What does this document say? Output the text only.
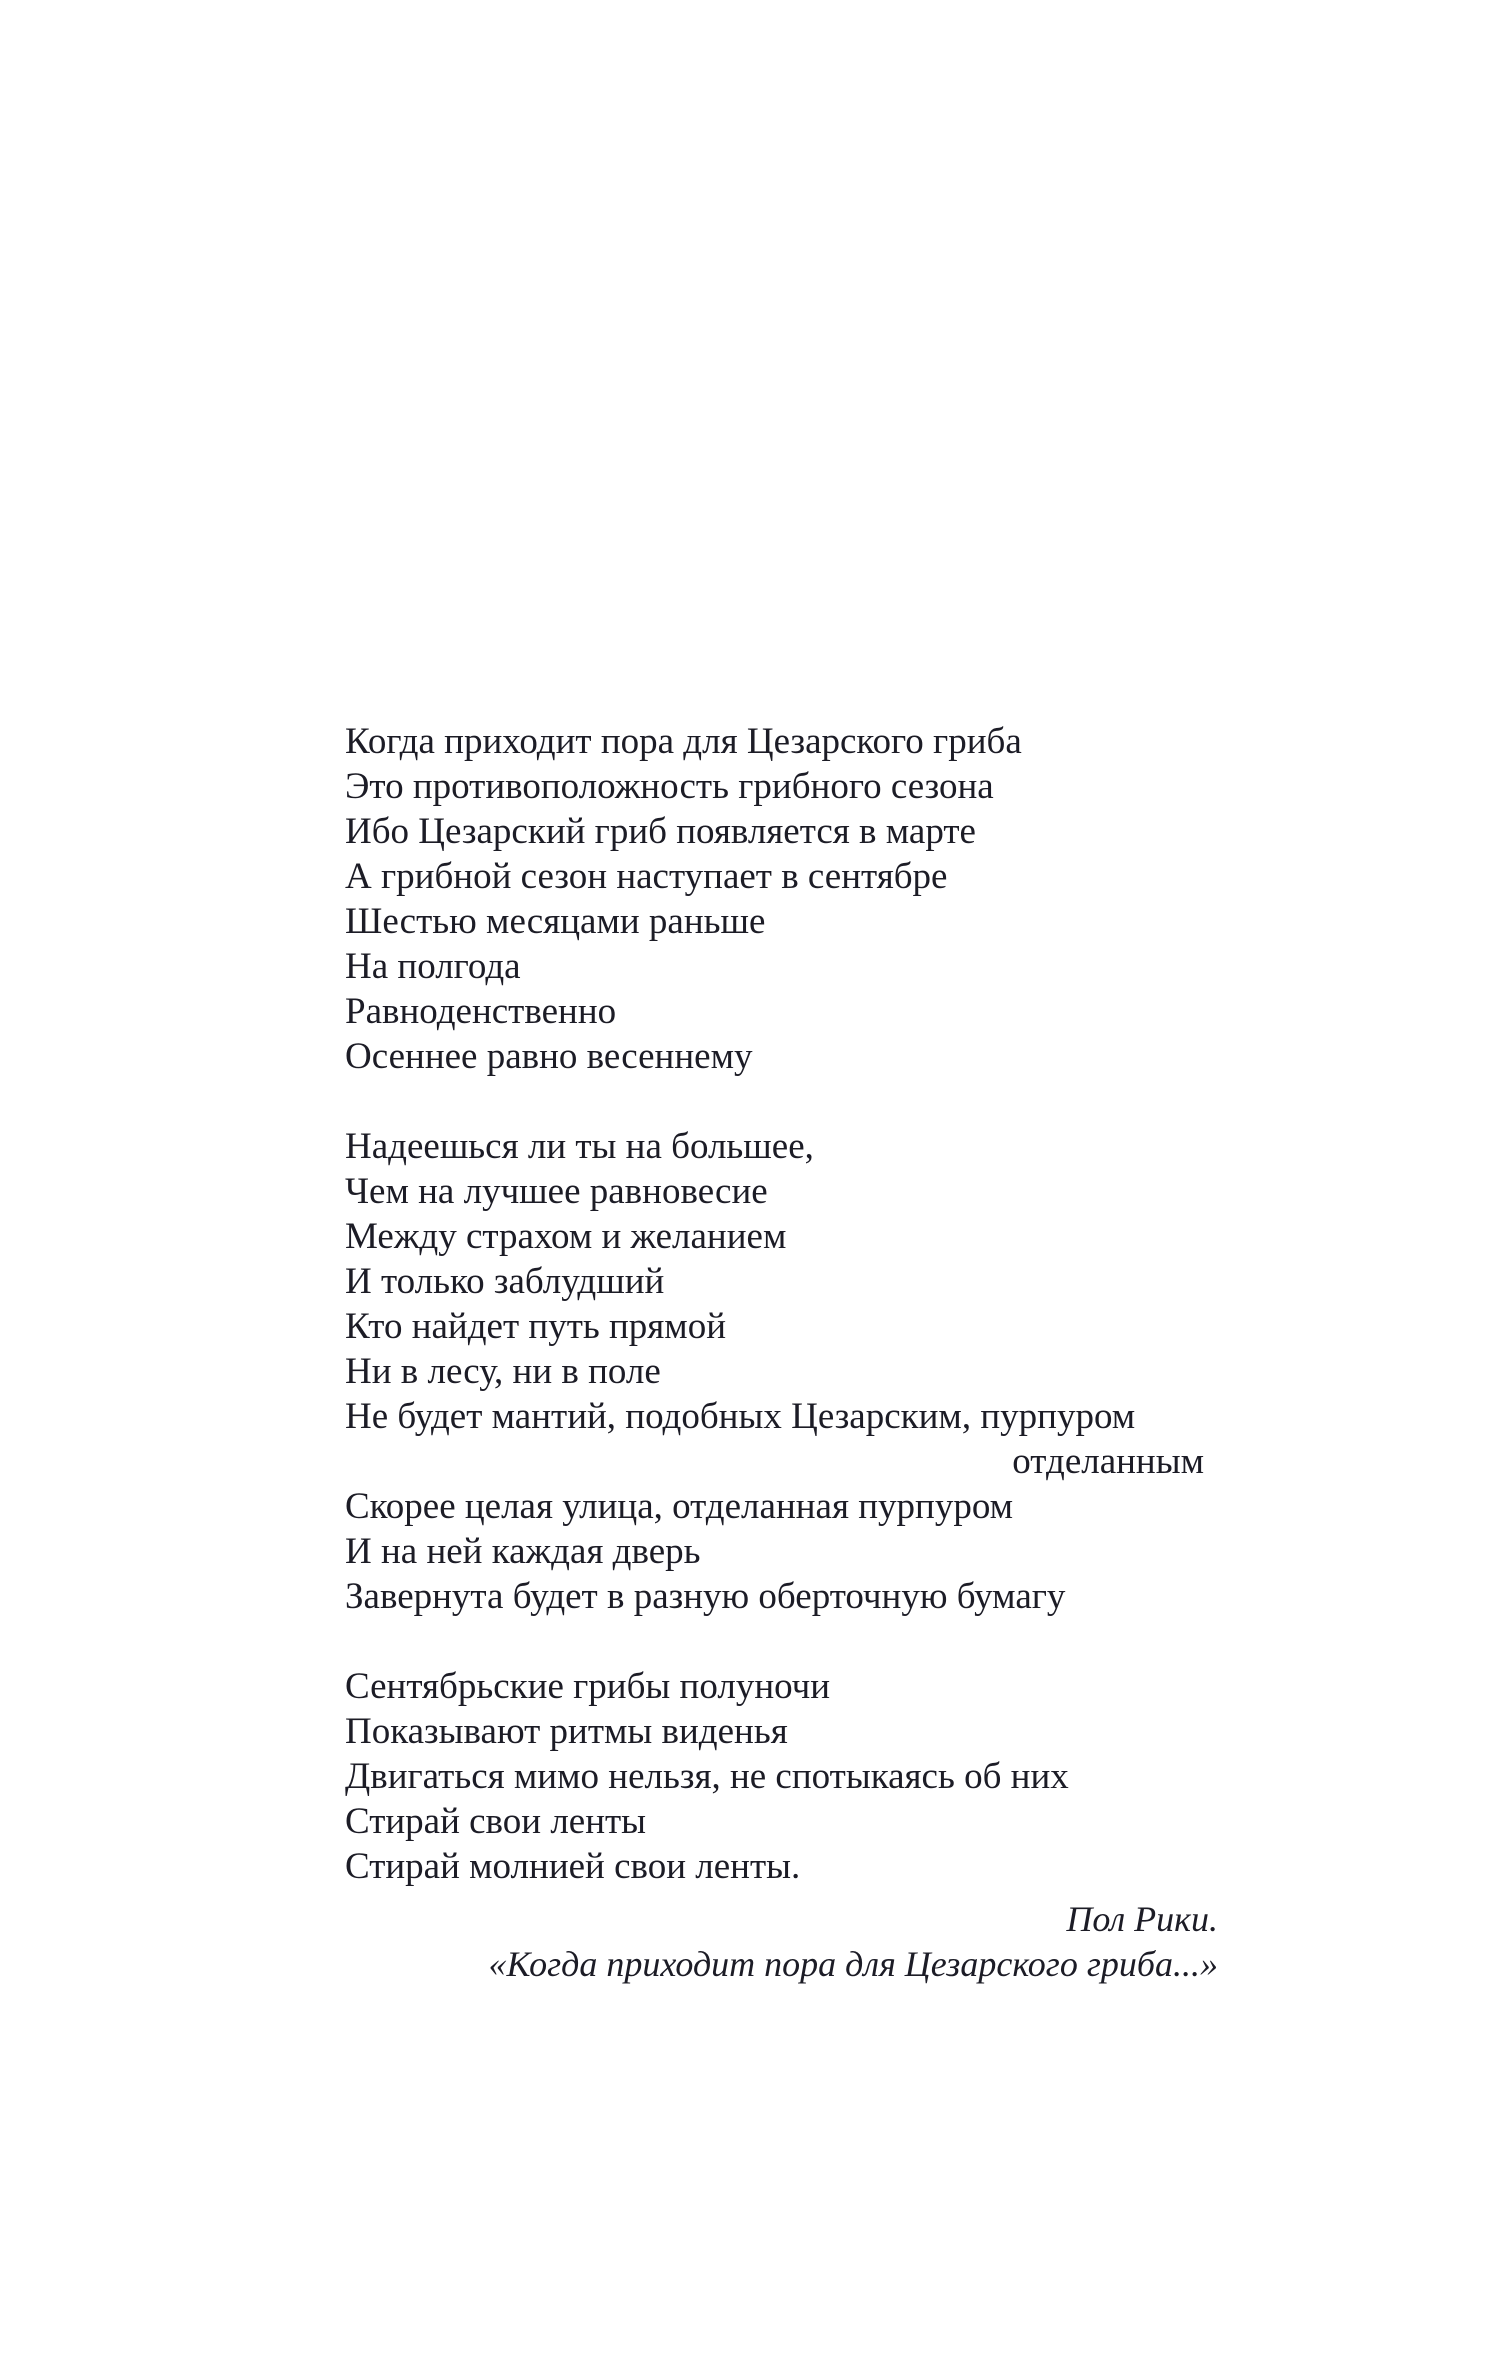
Когда приходит пора для Цезарского гриба
Это противоположность грибного сезона
Ибо Цезарский гриб появляется в марте
А грибной сезон наступает в сентябре
Шестью месяцами раньше
На полгода
Равноденственно
Осеннее равно весеннему
Надеешься ли ты на большее,
Чем на лучшее равновесие
Между страхом и желанием
И только заблудший
Кто найдет путь прямой
Ни в лесу, ни в поле
Не будет мантий, подобных Цезарским, пурпуром
отделанным
Скорее целая улица, отделанная пурпуром
И на ней каждая дверь
Завернута будет в разную оберточную бумагу
Сентябрьские грибы полуночи
Показывают ритмы виденья
Двигаться мимо нельзя, не спотыкаясь об них
Стирай свои ленты
Стирай молнией свои ленты.
Пол Рики.
«Когда приходит пора для Цезарского гриба...»
